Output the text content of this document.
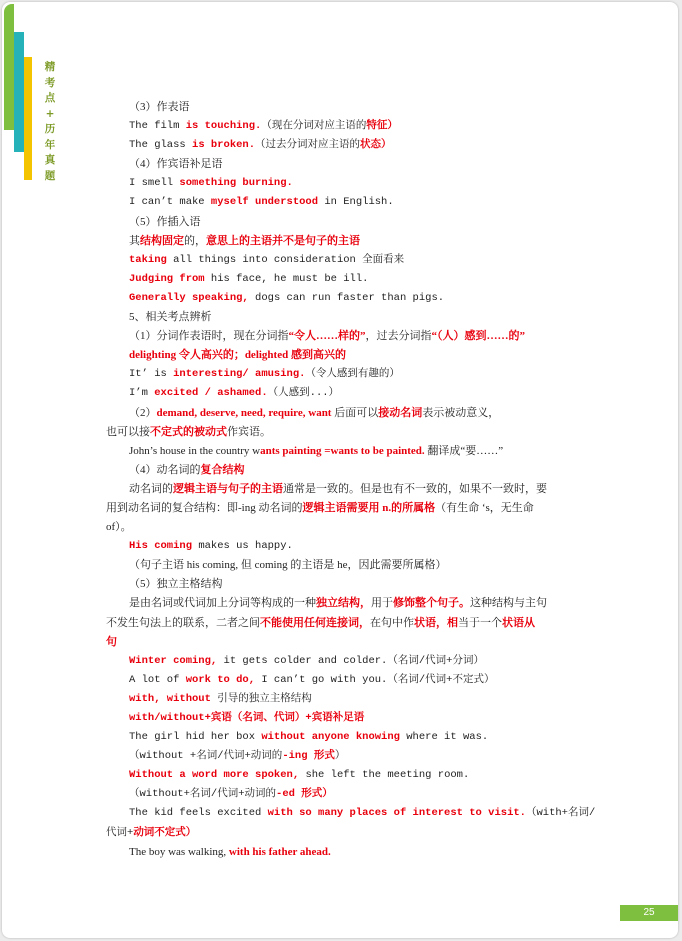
精
考
点
+
历
年
真
题
（3）作表语
The film is touching.（现在分词对应主语的特征）
The glass is broken.（过去分词对应主语的状态）
（4）作宾语补足语
I smell something burning.
I can’t make myself understood in English.
（5）作插入语
其结构固定的，意思上的主语并不是句子的主语
taking all things into consideration 全面看来
Judging from his face, he must be ill.
Generally speaking, dogs can run faster than pigs.
5、相关考点辨析
（1）分词作表语时，现在分词指“令人……样的”，过去分词指“（人）感到……的”
delighting 令人高兴的；delighted 感到高兴的
It’ is interesting/ amusing.（令人感到有趣的）
I’m excited / ashamed.（人感到...）
（2）demand, deserve, need, require, want 后面可以接动名词表示被动意义，
也可以接不定式的被动式作宾语。
John’s house in the country wants painting =wants to be painted. 翻译成“要……”
（4）动名词的复合结构
动名词的逻辑主语与句子的主语通常是一致的。但是也有不一致的，如果不一致时，要
用到动名词的复合结构：即-ing 动名词的逻辑主语需要用 n.的所属格（有生命 ‘s，无生命
of）。
His coming makes us happy.
（句子主语 his coming, 但 coming 的主语是 he，因此需要所属格）
（5）独立主格结构
是由名词或代词加上分词等构成的一种独立结构，用于修饰整个句子。这种结构与主句
不发生句法上的联系，二者之间不能使用任何连接词，在句中作状语，相当于一个状语从
句
Winter coming, it gets colder and colder.（名词/代词+分词）
A lot of work to do, I can’t go with you.（名词/代词+不定式）
with, without 引导的独立主格结构
with/without+宾语（名词、代词）+宾语补足语
The girl hid her box without anyone knowing where it was.
（without +名词/代词+动词的-ing 形式）
Without a word more spoken, she left the meeting room.
（without+名词/代词+动词的-ed 形式）
The kid feels excited with so many places of interest to visit.（with+名词/
代词+动词不定式）
The boy was walking, with his father ahead.
25
